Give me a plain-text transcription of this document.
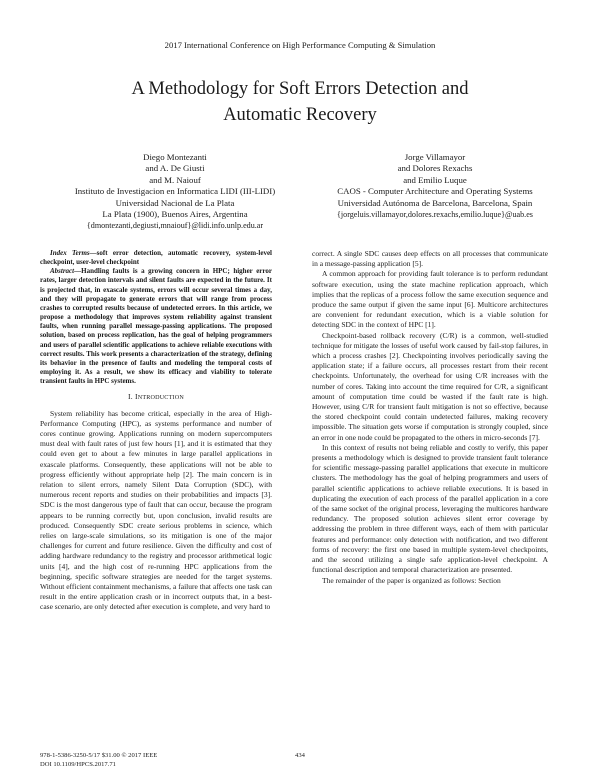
2017 International Conference on High Performance Computing & Simulation
A Methodology for Soft Errors Detection and
Automatic Recovery
Diego Montezanti
and A. De Giusti
and M. Naiouf
Instituto de Investigacion en Informatica LIDI (III-LIDI)
Universidad Nacional de La Plata
La Plata (1900), Buenos Aires, Argentina
{dmontezanti,degiusti,mnaiouf}@lidi.info.unlp.edu.ar
Jorge Villamayor
and Dolores Rexachs
and Emilio Luque
CAOS - Computer Architecture and Operating Systems
Universidad Autónoma de Barcelona, Barcelona, Spain
{jorgeluis.villamayor,dolores.rexachs,emilio.luque}@uab.es

Index Terms—soft error detection, automatic recovery, system-level checkpoint, user-level checkpoint

Abstract—Handling faults is a growing concern in HPC; higher error rates, larger detection intervals and silent faults are expected in the future. It is projected that, in exascale systems, errors will occur several times a day, and they will propagate to generate errors that will range from process crashes to corrupted results because of undetected errors. In this article, we propose a methodology that improves system reliability against transient faults, when running parallel message-passing applications. The proposed solution, based on process replication, has the goal of helping programmers and users of parallel scientific applications to achieve reliable executions with correct results. This work presents a characterization of the strategy, defining its behavior in the presence of faults and modeling the temporal costs of employing it. As a result, we show its efficacy and viability to tolerate transient faults in HPC systems.

I. INTRODUCTION

System reliability has become critical, especially in the area of High-Performance Computing (HPC), as systems performance and number of cores continue growing. Applications running on modern supercomputers must deal with fault rates of just few hours [1], and it is estimated that they could even get to about a few minutes in large parallel applications in exascale platforms. Consequently, these applications will not be able to progress efficiently without appropriate help [2]. The main concern is in relation to silent errors, namely Silent Data Corruption (SDC), with numerous recent reports and studies on their probabilities and impacts [3]. SDC is the most dangerous type of fault that can occur, because the program appears to be running correctly but, upon conclusion, invalid results are produced. Consequently SDC create serious problems in science, which relies on large-scale simulations, so its mitigation is one of the major challenges for current and future resilience. Given the difficulty and cost of adding hardware redundancy to the registry and processor arithmetical logic units [4], and the high cost of re-running HPC applications from the beginning, specific software strategies are needed for the target systems. Without efficient containment mechanisms, a failure that affects one task can result in the entire application crash or in incorrect outputs that, in a best-case scenario, are only detected after execution is complete, and very hard to

correct. A single SDC causes deep effects on all processes that communicate in a message-passing application [5].

A common approach for providing fault tolerance is to perform redundant software execution, using the state machine replication approach, which implies that the replicas of a process follow the same execution sequence and produce the same output if given the same input [6]. Multicore architectures are convenient for redundant execution, which is a viable solution for detecting SDC in the context of HPC [1].

Checkpoint-based rollback recovery (C/R) is a common, well-studied technique for mitigate the losses of useful work caused by fail-stop failures, in which a process crashes [2]. Checkpointing involves periodically saving the application state; if a failure occurs, all processes restart from their recent checkpoints. Unfortunately, the overhead for using C/R increases with the number of cores. Taking into account the time required for C/R, a significant amount of computation time could be wasted if the fault rate is high. However, using C/R for transient fault mitigation is not so effective, because the stored checkpoint could contain undetected failures, making recovery impossible. The situation gets worse if computation is strongly coupled, since an error in one node could be propagated to the others in micro-seconds [7].

In this context of results not being reliable and costly to verify, this paper presents a methodology which is designed to provide transient fault tolerance for scientific message-passing parallel applications that execute in multicore clusters. The methodology has the goal of helping programmers and users of parallel scientific applications to achieve reliable executions. It is based in duplicating the execution of each process of the parallel application in a core of the same socket of the original process, leveraging the multicores hardware redundancy. The proposed solution achieves silent error coverage by addressing the problem in three different ways, each of them with particular features and performance: only detection with notification, and two different forms of recovery: the first one based in multiple system-level checkpoints, and the second utilizing a single safe application-level checkpoint. A functional description and temporal characterization are presented.

The remainder of the paper is organized as follows: Section

978-1-5386-3250-5/17 $31.00 © 2017 IEEE
DOI 10.1109/HPCS.2017.71
434
